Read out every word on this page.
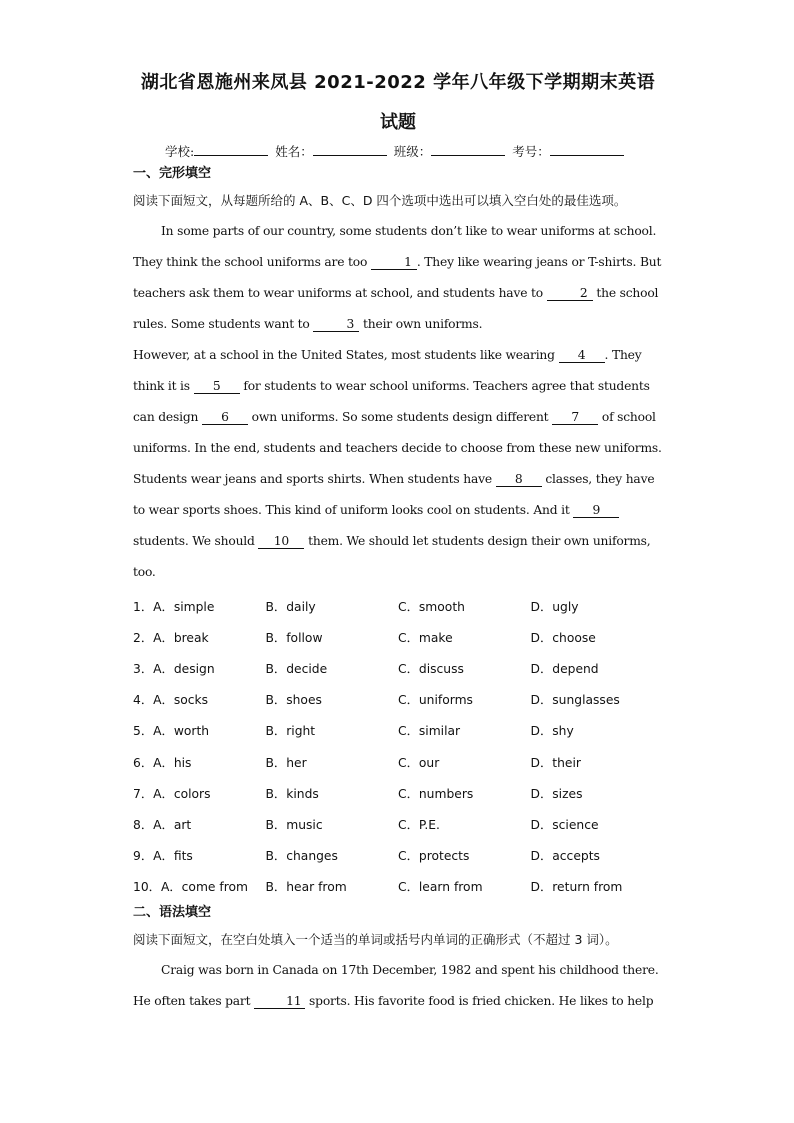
湖北省恩施州来凤县 2021-2022 学年八年级下学期期末英语
试题
学校:	姓名：	班级：	考号：
一、完形填空
阅读下面短文，从每题所给的 A、B、C、D 四个选项中选出可以填入空白处的最佳选项。
In some parts of our country, some students don’t like to wear uniforms at school. They think the school uniforms are too	1 . They like wearing jeans or T-shirts. But teachers ask them to wear uniforms at school, and students have to	2 the school rules. Some students want to	3 their own uniforms.
However, at a school in the United States, most students like wearing 4 . They think it is 5 for students to wear school uniforms. Teachers agree that students can design 6 own uniforms. So some students design different 7 of school uniforms. In the end, students and teachers decide to choose from these new uniforms. Students wear jeans and sports shirts. When students have 8 classes, they have to wear sports shoes. This kind of uniform looks cool on students. And it 9 students. We should 10 them. We should let students design their own uniforms, too.
1．A．simple	B．daily	C．smooth	D．ugly
2．A．break	B．follow	C．make	D．choose
3．A．design	B．decide	C．discuss	D．depend
4．A．socks	B．shoes	C．uniforms	D．sunglasses
5．A．worth	B．right	C．similar	D．shy
6．A．his	B．her	C．our	D．their
7．A．colors	B．kinds	C．numbers	D．sizes
8．A．art	B．music	C．P.E.	D．science
9．A．fits	B．changes	C．protects	D．accepts
10．A．come from	B．hear from	C．learn from	D．return from
二、语法填空
阅读下面短文，在空白处填入一个适当的单词或括号内单词的正确形式（不超过 3 词）。
Craig was born in Canada on 17th December, 1982 and spent his childhood there. He often takes part	11 sports. His favorite food is fried chicken. He likes to help
